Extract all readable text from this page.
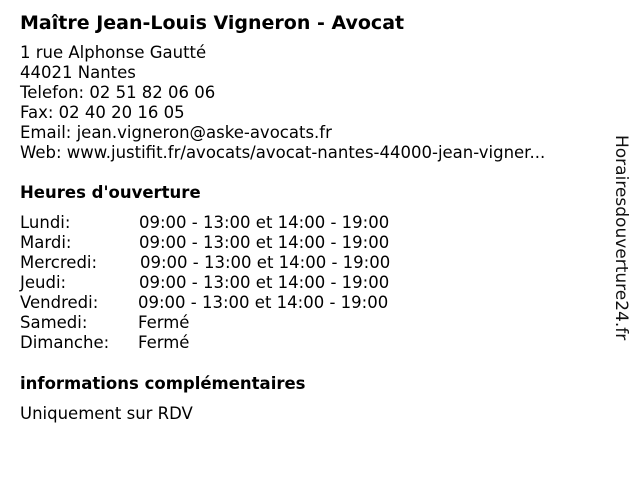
Maître Jean-Louis Vigneron - Avocat
1 rue Alphonse Gautté
44021 Nantes
Telefon: 02 51 82 06 06
Fax: 02 40 20 16 05
Email: jean.vigneron@aske-avocats.fr
Web: www.justifit.fr/avocats/avocat-nantes-44000-jean-vigner...
Heures d'ouverture
Lundi:	09:00 - 13:00 et 14:00 - 19:00
Mardi:	09:00 - 13:00 et 14:00 - 19:00
Mercredi:	09:00 - 13:00 et 14:00 - 19:00
Jeudi:	09:00 - 13:00 et 14:00 - 19:00
Vendredi: 09:00 - 13:00 et 14:00 - 19:00
Samedi:	Fermé
Dimanche: Fermé
informations complémentaires
Uniquement sur RDV
Horairesdouverture24.fr
